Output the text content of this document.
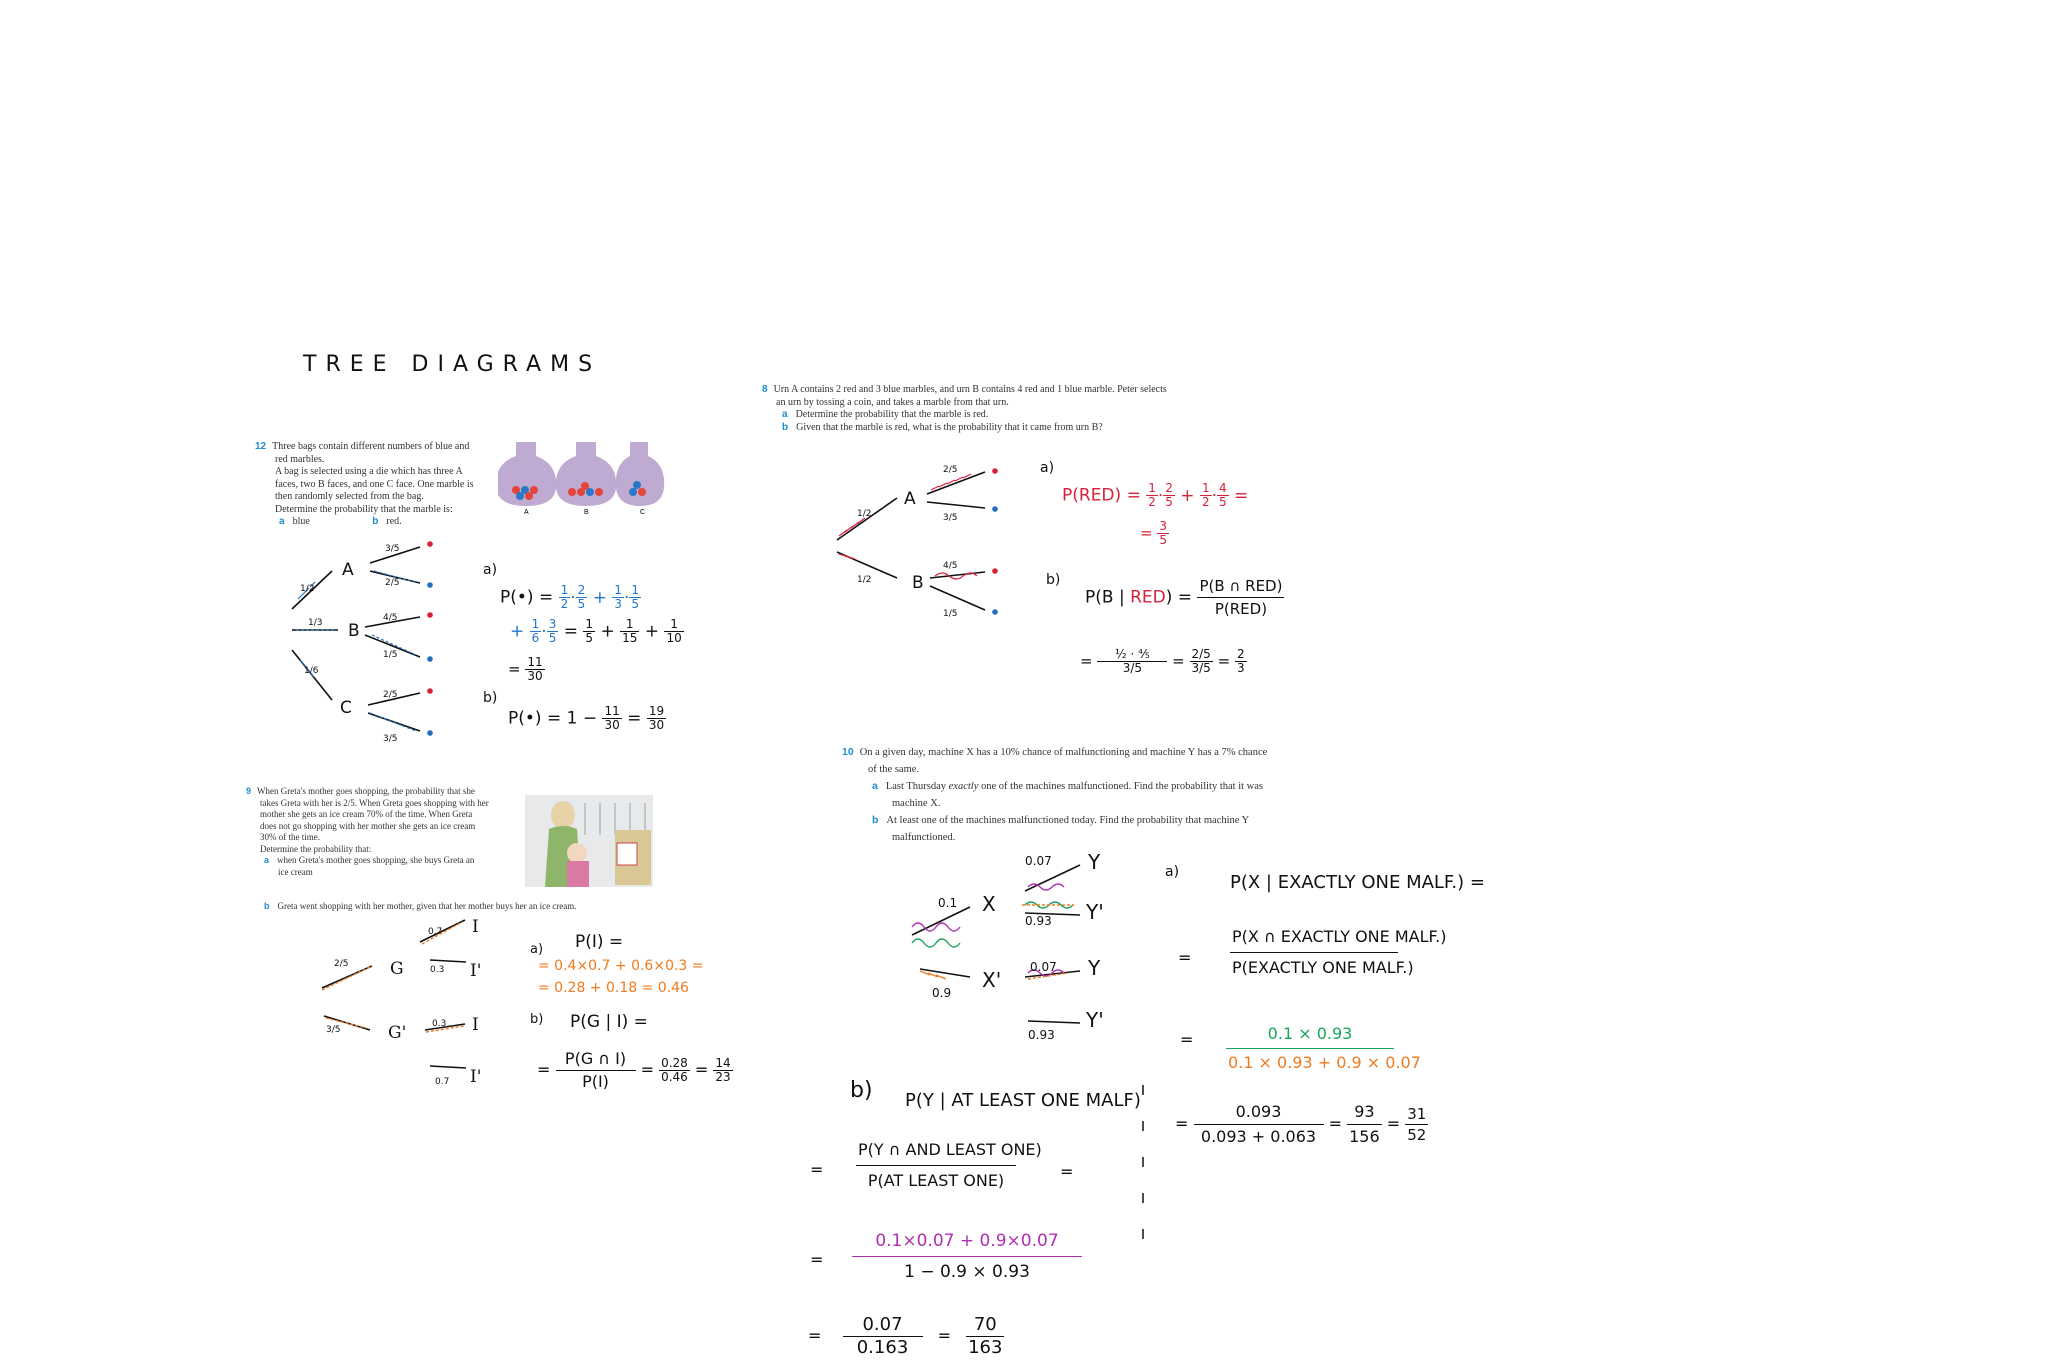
TREE DIAGRAMS
12 Three bags contain different numbers of blue and
red marbles.
A bag is selected using a die which has three A
faces, two B faces, and one C face. One marble is
then randomly selected from the bag.
Determine the probability that the marble is:
a blue	b red.
A	B	C
1/2
1/3
1/6
3/5
2/5
4/5
1/5
2/5
3/5
A
B
C
a)
P(•) = $\frac{1}{2} \cdot \frac{2}{5} + \frac{1}{3} \cdot \frac{1}{5}$
+ $\frac{1}{6} \cdot \frac{3}{5} = \frac{1}{5} + \frac{1}{15} + \frac{1}{10}$
= $\frac{11}{30}$
b)
P(•) = $1 - \frac{11}{30} = \frac{19}{30}$
8 Urn A contains 2 red and 3 blue marbles, and urn B contains 4 red and 1 blue marble. Peter selects
an urn by tossing a coin, and takes a marble from that urn.
a Determine the probability that the marble is red.
b Given that the marble is red, what is the probability that it came from urn B?
1/2
1/2
2/5
3/5
4/5
1/5
A
B
a)
$P(RED) = \frac{1}{2} \cdot \frac{2}{5} + \frac{1}{2} \cdot \frac{4}{5}$ =
= $\frac{3}{5}$
b)
P(B | $RED) = \frac{\text{P(B ∩ RED)}}{\text{P(RED)}}$
= $\frac{\text{½ · ⅘}}{3/5} = \frac{2/5}{3/5} = \frac{2}{3}$
9 When Greta's mother goes shopping, the probability that she
takes Greta with her is 2/5. When Greta goes shopping with her
mother she gets an ice cream 70% of the time. When Greta
does not go shopping with her mother she gets an ice cream
30% of the time.
Determine the probability that:
a when Greta's mother goes shopping, she buys Greta an
ice cream
b Greta went shopping with her mother, given that her mother buys her an ice cream.
2/5
3/5
0.7
0.3
0.3
0.7
G
G'
I
I'
I
I'
a) P(I) =
= 0.4×0.7 + 0.6×0.3 =
= 0.28 + 0.18 = 0.46
b) P(G | I) =
= $\frac{P(G \cap I)}{P(I)} = \frac{0.28}{0.46} = \frac{14}{23}$
10 On a given day, machine X has a 10% chance of malfunctioning and machine Y has a 7% chance
of the same.
a Last Thursday exactly one of the machines malfunctioned. Find the probability that it was
machine X.
b At least one of the machines malfunctioned today. Find the probability that machine Y
malfunctioned.
0.1
0.9
0.07
0.93
0.07
0.93
X
X'
Y
Y'
Y
Y'
a)	P(X | EXACTLY ONE MALF.) =
= $\frac{\text{P(X ∩ EXACTLY ONE MALF.)}}{\text{P(EXACTLY ONE MALF.)}}$
= $\frac{0.1 \times 0.93}{0.1 \times 0.93 + 0.9 \times 0.07}$
= $\frac{0.093}{0.093 + 0.063} = \frac{93}{156} = \frac{31}{52}$
b) P(Y | AT LEAST ONE MALF)
= $\frac{\text{P(Y ∩ AND LEAST ONE)}}{\text{P(AT LEAST ONE)}}$	=
= $\frac{0.1\times 0.07 + 0.9\times 0.07}{1 - 0.9 \times 0.93}$
= $\frac{0.07}{0.163} = \frac{70}{163}$
